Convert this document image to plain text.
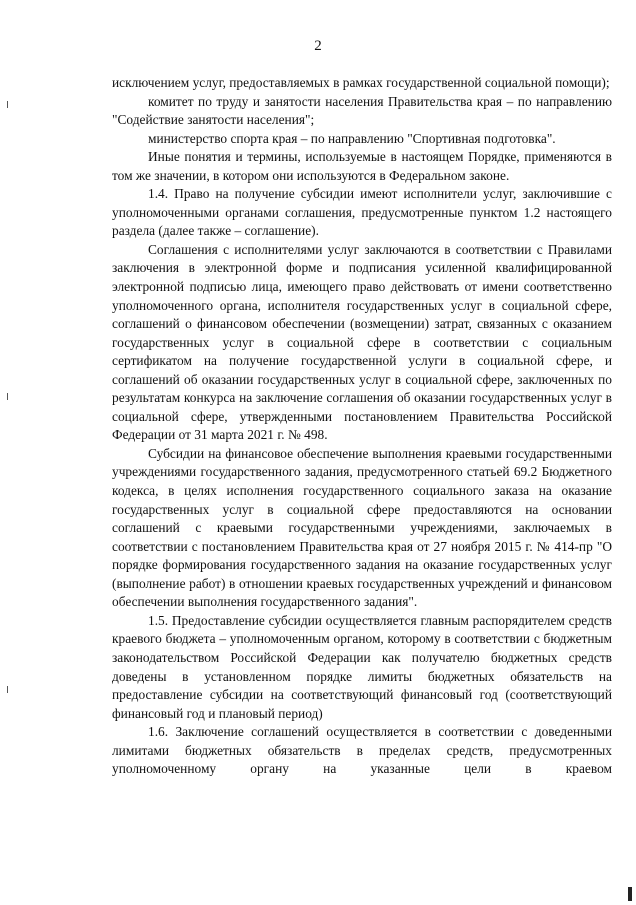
2

исключением услуг, предоставляемых в рамках государственной социальной помощи);

комитет по труду и занятости населения Правительства края – по направлению "Содействие занятости населения";

министерство спорта края – по направлению "Спортивная подготовка".

Иные понятия и термины, используемые в настоящем Порядке, применяются в том же значении, в котором они используются в Федеральном законе.

1.4. Право на получение субсидии имеют исполнители услуг, заключившие с уполномоченными органами соглашения, предусмотренные пунктом 1.2 настоящего раздела (далее также – соглашение).

Соглашения с исполнителями услуг заключаются в соответствии с Правилами заключения в электронной форме и подписания усиленной квалифицированной электронной подписью лица, имеющего право действовать от имени соответственно уполномоченного органа, исполнителя государственных услуг в социальной сфере, соглашений о финансовом обеспечении (возмещении) затрат, связанных с оказанием государственных услуг в социальной сфере в соответствии с социальным сертификатом на получение государственной услуги в социальной сфере, и соглашений об оказании государственных услуг в социальной сфере, заключенных по результатам конкурса на заключение соглашения об оказании государственных услуг в социальной сфере, утвержденными постановлением Правительства Российской Федерации от 31 марта 2021 г. № 498.

Субсидии на финансовое обеспечение выполнения краевыми государственными учреждениями государственного задания, предусмотренного статьей 69.2 Бюджетного кодекса, в целях исполнения государственного социального заказа на оказание государственных услуг в социальной сфере предоставляются на основании соглашений с краевыми государственными учреждениями, заключаемых в соответствии с постановлением Правительства края от 27 ноября 2015 г. № 414-пр "О порядке формирования государственного задания на оказание государственных услуг (выполнение работ) в отношении краевых государственных учреждений и финансовом обеспечении выполнения государственного задания".

1.5. Предоставление субсидии осуществляется главным распорядителем средств краевого бюджета – уполномоченным органом, которому в соответствии с бюджетным законодательством Российской Федерации как получателю бюджетных средств доведены в установленном порядке лимиты бюджетных обязательств на предоставление субсидии на соответствующий финансовый год (соответствующий финансовый год и плановый период)

1.6. Заключение соглашений осуществляется в соответствии с доведенными лимитами бюджетных обязательств в пределах средств, предусмотренных уполномоченному органу на указанные цели в краевом
